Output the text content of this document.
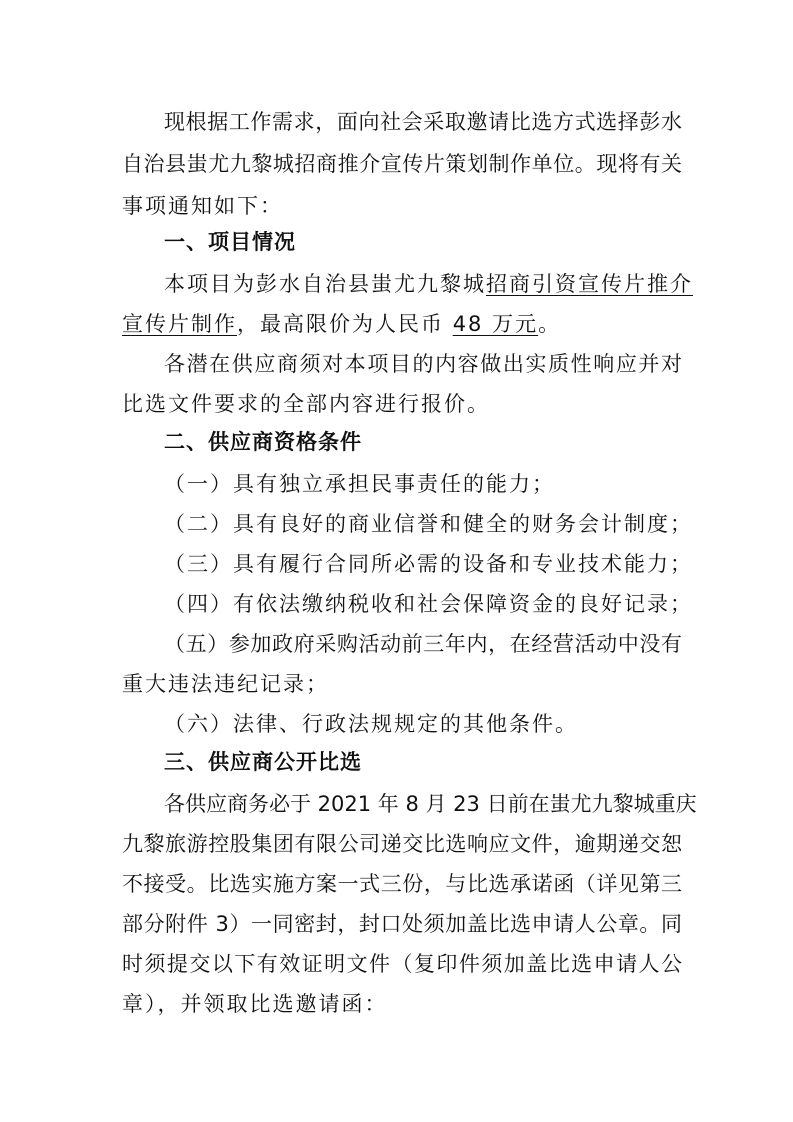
现根据工作需求，面向社会采取邀请比选方式选择彭水
自治县蚩尤九黎城招商推介宣传片策划制作单位。现将有关
事项通知如下：
一、项目情况
本项目为彭水自治县蚩尤九黎城招商引资宣传片推介
宣传片制作，最高限价为人民币 48 万元。
各潜在供应商须对本项目的内容做出实质性响应并对
比选文件要求的全部内容进行报价。
二、供应商资格条件
（一）具有独立承担民事责任的能力；
（二）具有良好的商业信誉和健全的财务会计制度；
（三）具有履行合同所必需的设备和专业技术能力；
（四）有依法缴纳税收和社会保障资金的良好记录；
（五）参加政府采购活动前三年内，在经营活动中没有
重大违法违纪记录；
（六）法律、行政法规规定的其他条件。
三、供应商公开比选
各供应商务必于 2021 年 8 月 23 日前在蚩尤九黎城重庆
九黎旅游控股集团有限公司递交比选响应文件，逾期递交恕
不接受。比选实施方案一式三份，与比选承诺函（详见第三
部分附件 3）一同密封，封口处须加盖比选申请人公章。同
时须提交以下有效证明文件（复印件须加盖比选申请人公
章），并领取比选邀请函：
